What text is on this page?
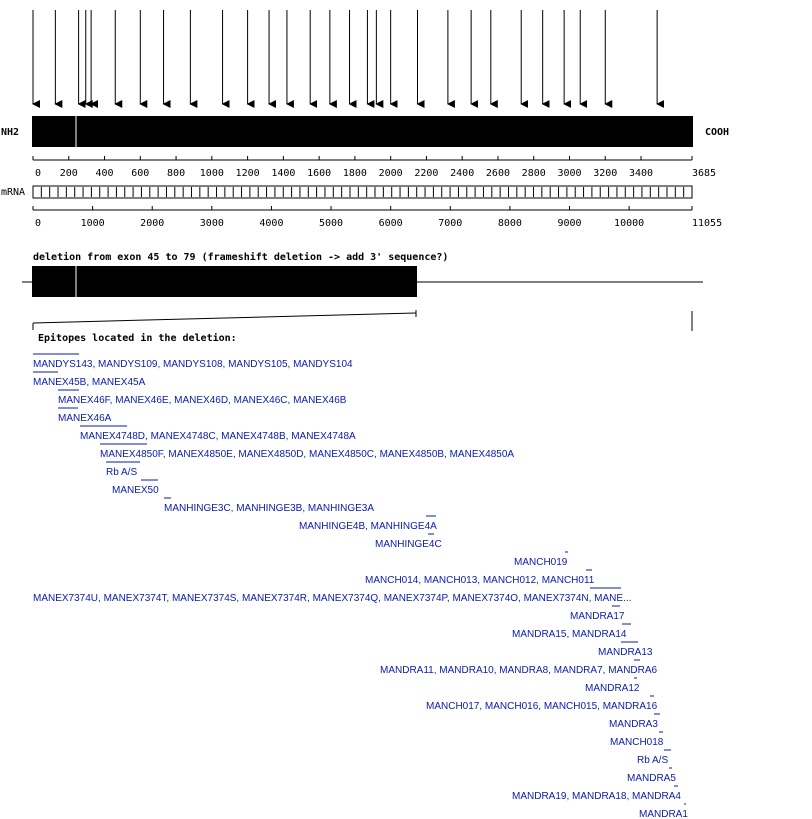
NH2	COOH
0 200 400 600 800 1000 1200 1400 1600 1800 2000 2200 2400 2600 2800 3000 3200 3400	3685
mRNA
0	1000	2000	3000	4000	5000	6000	7000	8000	9000	10000	11055
deletion from exon 45 to 79 (frameshift deletion -> add 3' sequence?)
Epitopes located in the deletion:
MANDYS143, MANDYS109, MANDYS108, MANDYS105, MANDYS104
MANEX45B, MANEX45A
MANEX46F, MANEX46E, MANEX46D, MANEX46C, MANEX46B
MANEX46A
MANEX4748D, MANEX4748C, MANEX4748B, MANEX4748A
MANEX4850F, MANEX4850E, MANEX4850D, MANEX4850C, MANEX4850B, MANEX4850A
Rb A/S
MANEX50
MANHINGE3C, MANHINGE3B, MANHINGE3A
MANHINGE4B, MANHINGE4A
MANHINGE4C
MANCH019
MANCH014, MANCH013, MANCH012, MANCH011
MANEX7374U, MANEX7374T, MANEX7374S, MANEX7374R, MANEX7374Q, MANEX7374P, MANEX7374O, MANEX7374N, MANE...
MANDRA17
MANDRA15, MANDRA14
MANDRA13
MANDRA11, MANDRA10, MANDRA8, MANDRA7, MANDRA6
MANDRA12
MANCH017, MANCH016, MANCH015, MANDRA16
MANDRA3
MANCH018
Rb A/S
MANDRA5
MANDRA19, MANDRA18, MANDRA4
MANDRA1
